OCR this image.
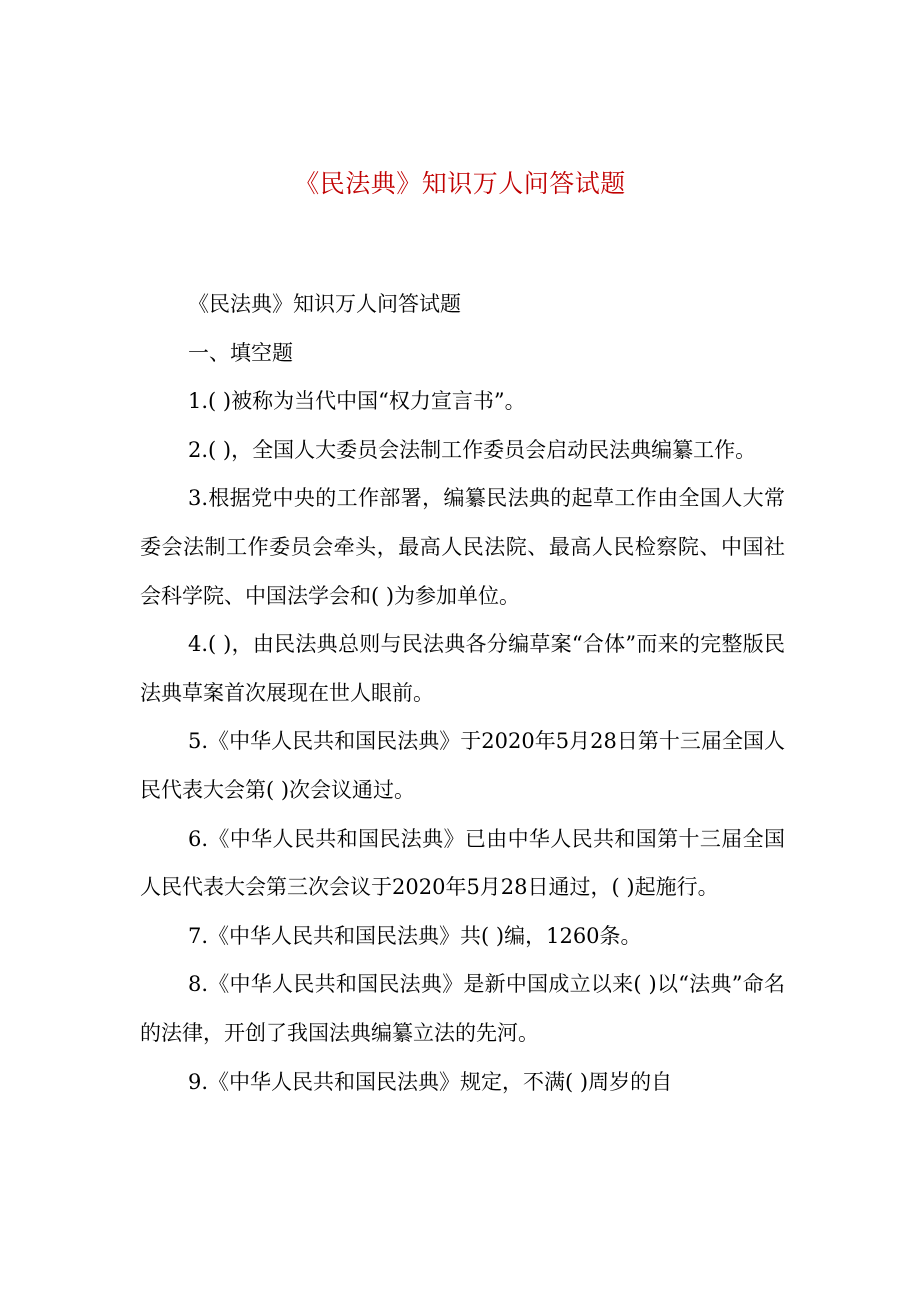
《民法典》知识万人问答试题

《民法典》知识万人问答试题

一、填空题

1.( )被称为当代中国“权力宣言书”。

2.( )，全国人大委员会法制工作委员会启动民法典编纂工作。

3.根据党中央的工作部署，编纂民法典的起草工作由全国人大常委会法制工作委员会牵头，最高人民法院、最高人民检察院、中国社会科学院、中国法学会和( )为参加单位。

4.( )，由民法典总则与民法典各分编草案“合体”而来的完整版民法典草案首次展现在世人眼前。

5.《中华人民共和国民法典》于2020年5月28日第十三届全国人民代表大会第( )次会议通过。

6.《中华人民共和国民法典》已由中华人民共和国第十三届全国人民代表大会第三次会议于2020年5月28日通过，( )起施行。

7.《中华人民共和国民法典》共( )编，1260条。

8.《中华人民共和国民法典》是新中国成立以来( )以“法典”命名的法律，开创了我国法典编纂立法的先河。

9.《中华人民共和国民法典》规定，不满( )周岁的自
